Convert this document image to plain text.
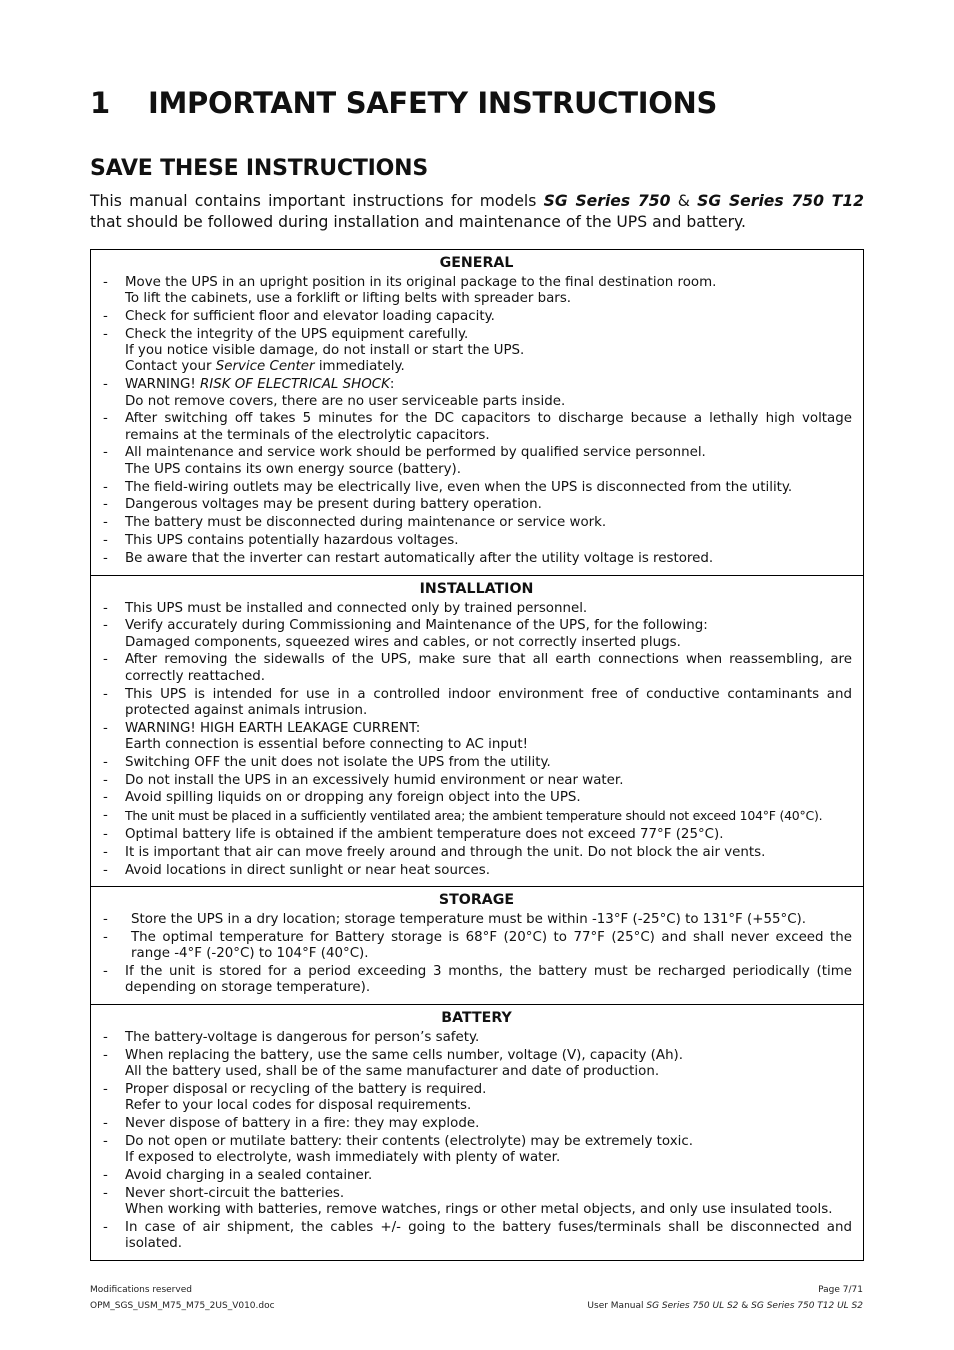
1 IMPORTANT SAFETY INSTRUCTIONS
SAVE THESE INSTRUCTIONS
This manual contains important instructions for models SG Series 750 & SG Series 750 T12 that should be followed during installation and maintenance of the UPS and battery.
GENERAL
- Move the UPS in an upright position in its original package to the final destination room.
To lift the cabinets, use a forklift or lifting belts with spreader bars.
- Check for sufficient floor and elevator loading capacity.
- Check the integrity of the UPS equipment carefully.
If you notice visible damage, do not install or start the UPS.
Contact your Service Center immediately.
- WARNING! RISK OF ELECTRICAL SHOCK:
Do not remove covers, there are no user serviceable parts inside.
- After switching off takes 5 minutes for the DC capacitors to discharge because a lethally high voltage remains at the terminals of the electrolytic capacitors.
- All maintenance and service work should be performed by qualified service personnel.
The UPS contains its own energy source (battery).
- The field-wiring outlets may be electrically live, even when the UPS is disconnected from the utility.
- Dangerous voltages may be present during battery operation.
- The battery must be disconnected during maintenance or service work.
- This UPS contains potentially hazardous voltages.
- Be aware that the inverter can restart automatically after the utility voltage is restored.
INSTALLATION
- This UPS must be installed and connected only by trained personnel.
- Verify accurately during Commissioning and Maintenance of the UPS, for the following:
Damaged components, squeezed wires and cables, or not correctly inserted plugs.
- After removing the sidewalls of the UPS, make sure that all earth connections when reassembling, are correctly reattached.
- This UPS is intended for use in a controlled indoor environment free of conductive contaminants and protected against animals intrusion.
- WARNING! HIGH EARTH LEAKAGE CURRENT:
Earth connection is essential before connecting to AC input!
- Switching OFF the unit does not isolate the UPS from the utility.
- Do not install the UPS in an excessively humid environment or near water.
- Avoid spilling liquids on or dropping any foreign object into the UPS.
- The unit must be placed in a sufficiently ventilated area; the ambient temperature should not exceed 104°F (40°C).
- Optimal battery life is obtained if the ambient temperature does not exceed 77°F (25°C).
- It is important that air can move freely around and through the unit. Do not block the air vents.
- Avoid locations in direct sunlight or near heat sources.
STORAGE
- Store the UPS in a dry location; storage temperature must be within -13°F (-25°C) to 131°F (+55°C).
- The optimal temperature for Battery storage is 68°F (20°C) to 77°F (25°C) and shall never exceed the range -4°F (-20°C) to 104°F (40°C).
- If the unit is stored for a period exceeding 3 months, the battery must be recharged periodically (time depending on storage temperature).
BATTERY
- The battery-voltage is dangerous for person’s safety.
- When replacing the battery, use the same cells number, voltage (V), capacity (Ah).
All the battery used, shall be of the same manufacturer and date of production.
- Proper disposal or recycling of the battery is required.
Refer to your local codes for disposal requirements.
- Never dispose of battery in a fire: they may explode.
- Do not open or mutilate battery: their contents (electrolyte) may be extremely toxic.
If exposed to electrolyte, wash immediately with plenty of water.
- Avoid charging in a sealed container.
- Never short-circuit the batteries.
When working with batteries, remove watches, rings or other metal objects, and only use insulated tools.
- In case of air shipment, the cables +/- going to the battery fuses/terminals shall be disconnected and isolated.
Modifications reserved
OPM_SGS_USM_M75_M75_2US_V010.doc
Page 7/71
User Manual SG Series 750 UL S2 & SG Series 750 T12 UL S2
